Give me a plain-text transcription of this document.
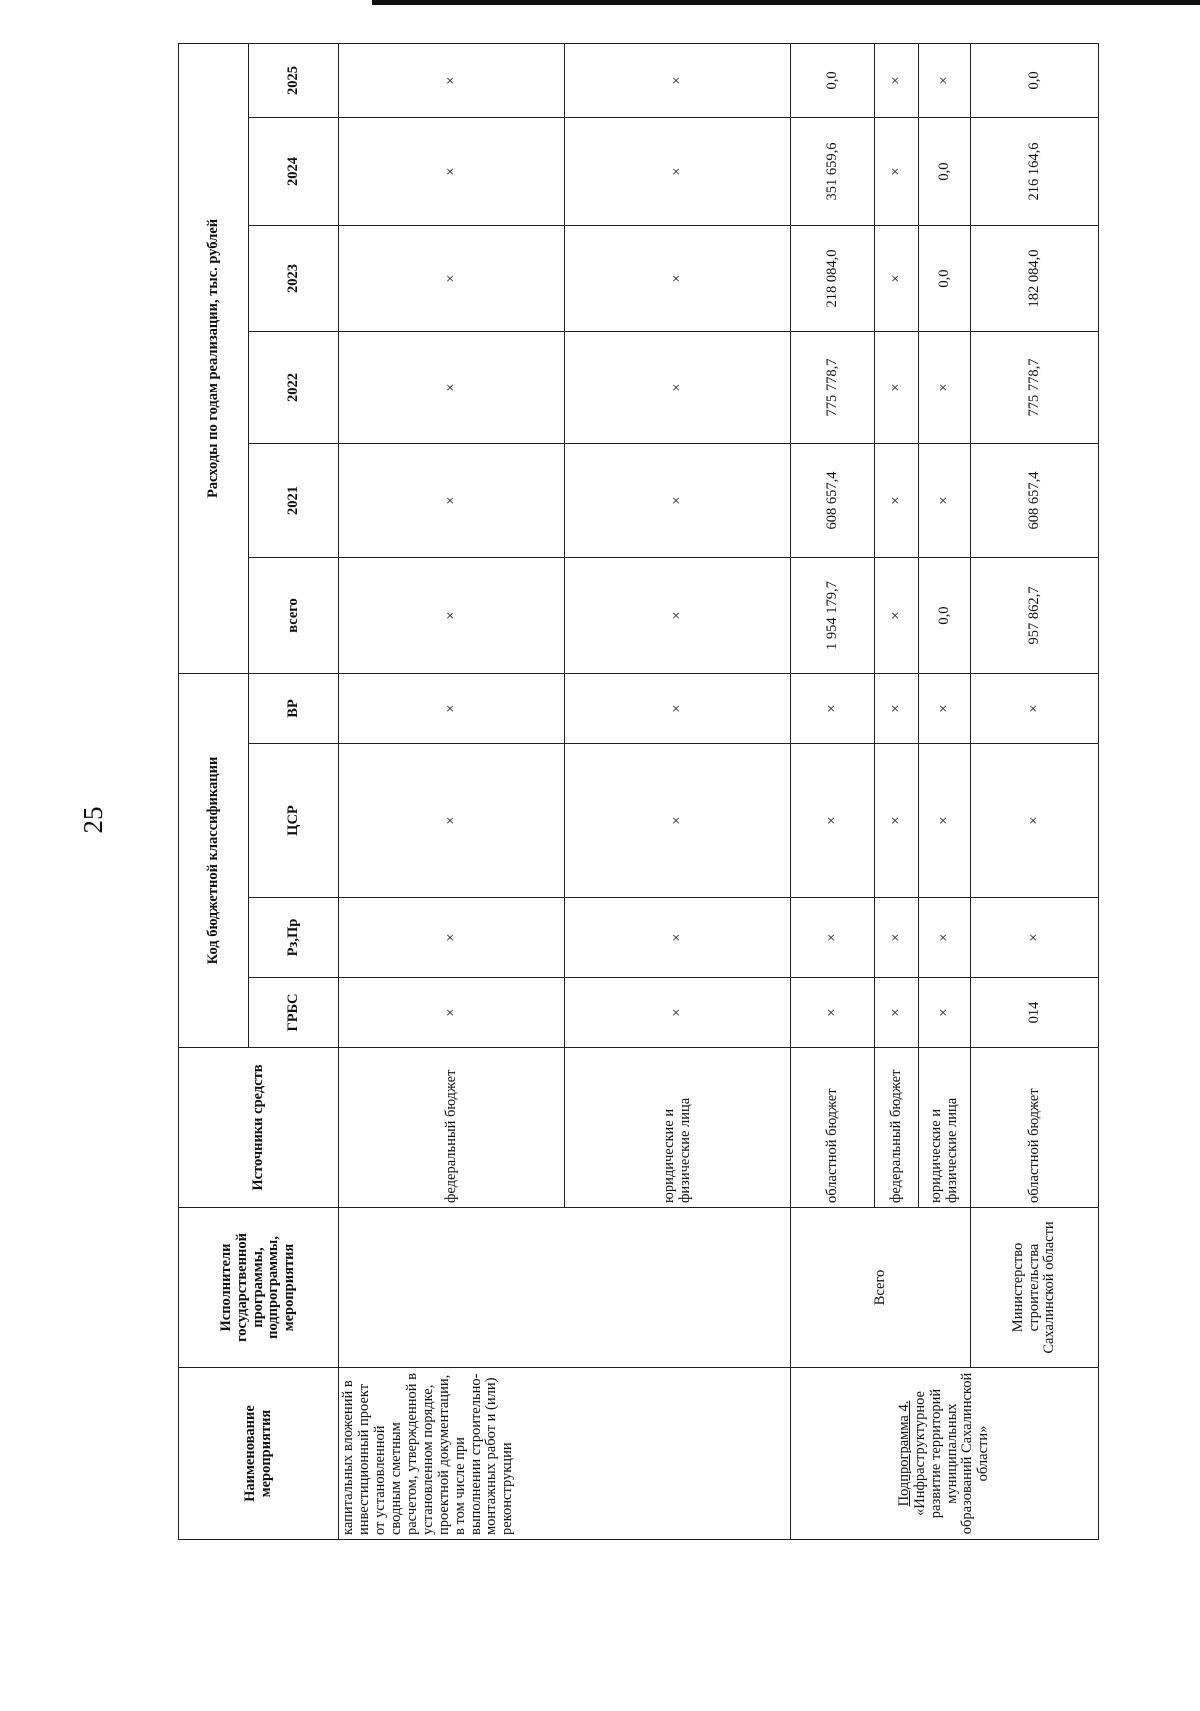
25
Наименование мероприятия	Исполнители государственной программы, подпрограммы, мероприятия	Источники средств	Код бюджетной классификации				Расходы по годам реализации, тыс. рублей					
			ГРБС	Рз,Пр	ЦСР	ВР	всего	2021	2022	2023	2024	2025
капитальных вложений в инвестиционный проект от установленной сводным сметным расчетом, утвержденной в установленном порядке, проектной документации, в том числе при выполнении строительно-монтажных работ и (или) реконструкции		федеральный бюджет	×	×	×	×	×	×	×	×	×	×
		юридические и физические лица	×	×	×	×	×	×	×	×	×	×
Подпрограмма 4.
«Инфраструктурное развитие территорий муниципальных образований Сахалинской области»	Всего	областной бюджет	×	×	×	×	1 954 179,7	608 657,4	775 778,7	218 084,0	351 659,6	0,0
		федеральный бюджет	×	×	×	×	×	×	×	×	×	×
		юридические и физические лица	×	×	×	×	0,0	×	×	0,0	0,0	×
	Министерство строительства Сахалинской области	областной бюджет	014	×	×	×	957 862,7	608 657,4	775 778,7	182 084,0	216 164,6	0,0
